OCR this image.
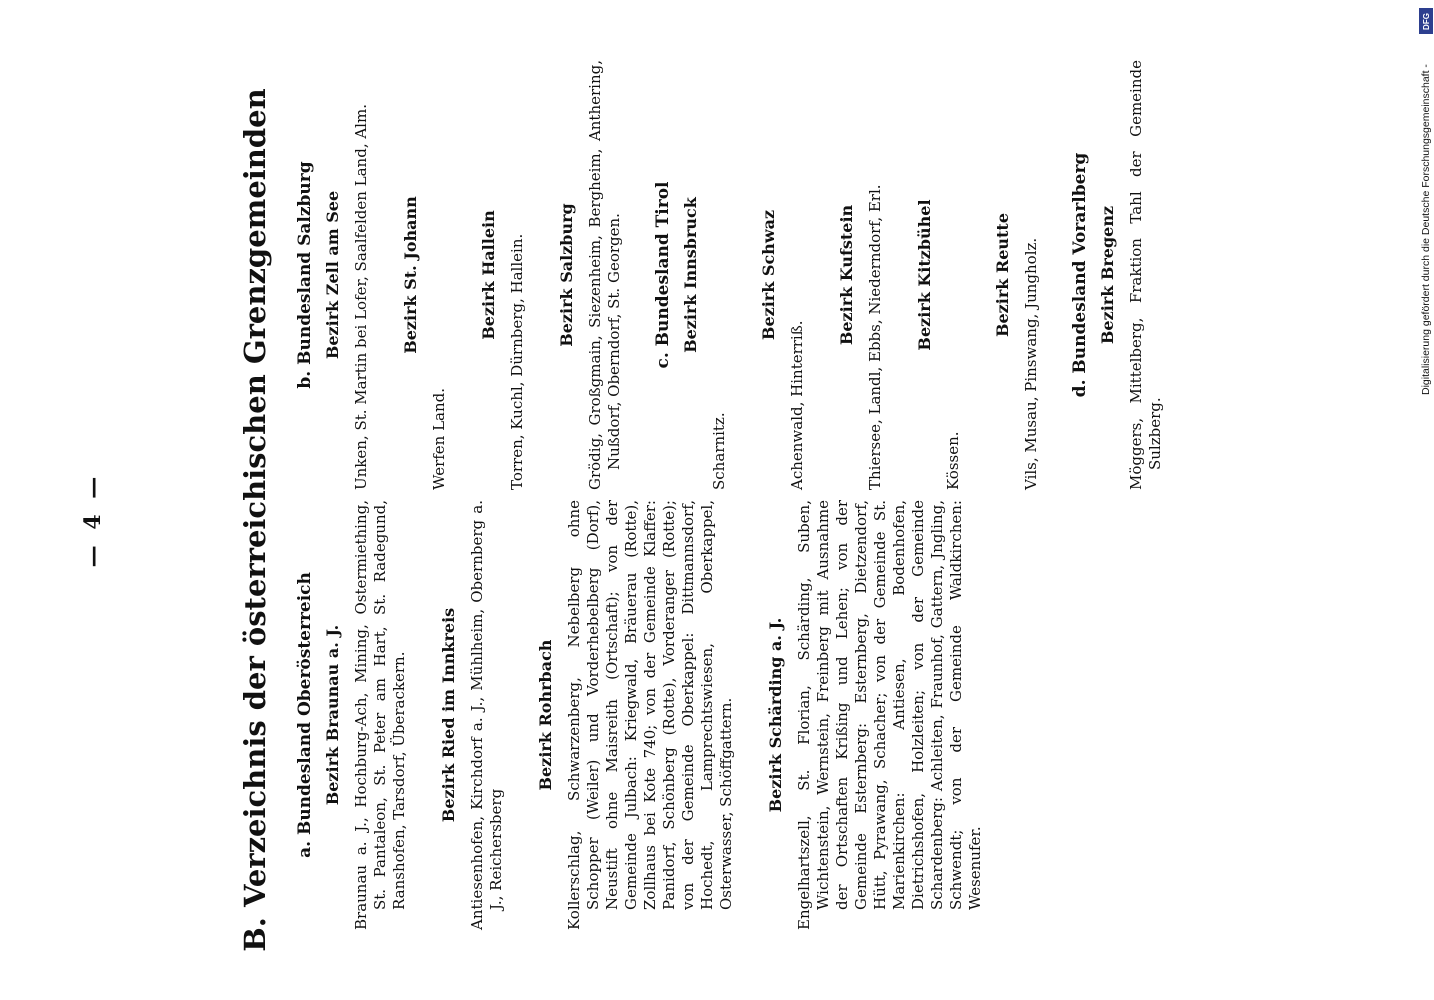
— 4 —	B. Verzeichnis der österreichischen Grenzgemeinden a. Bundesland Oberösterreich Bezirk Braunau a. J. Braunau a. J., Hochburg-Ach, Mining, Ostermiething, St. Pantaleon, St. Peter am Hart, St. Radegund, Ranshofen, Tarsdorf, Überackern. Bezirk Ried im Innkreis Antiesenhofen, Kirchdorf a. J., Mühlheim, Obernberg a. J., Reichersberg
Bezirk Rohrbach Kollerschlag, Schwarzenberg, Nebelberg ohne Schopper (Weiler) und Vorderhebelberg (Dorf), Neustift ohne Maisreith (Ortschaft); von der Gemeinde Julbach: Kriegwald, Bräuerau (Rotte), Zollhaus bei Kote 740; von der Gemeinde Klaffer: Panidorf, Schönberg (Rotte), Vorderanger (Rotte); von der Gemeinde Oberkappel: Dittmannsdorf, Hochedt, Lamprechtswiesen, Oberkappel, Osterwasser, Schöffgattern. Bezirk Schärding a. J. Engelhartszell, St. Florian, Schärding, Suben, Wichtenstein, Wernstein, Freinberg mit Ausnahme der Ortschaften Krißing und Lehen; von der Gemeinde Esternberg: Esternberg, Dietzendorf, Hütt, Pyrawang, Schacher; von der Gemeinde St. Marienkirchen: Antiesen, Bodenhofen, Dietrichshofen, Holzleiten; von der Gemeinde Schardenberg: Achleiten, Fraunhof, Gattern, Jngling, Schwendt; von der Gemeinde Waldkirchen: Wesenufer.
b. Bundesland Salzburg Bezirk Zell am See Unken, St. Martin bei Lofer, Saalfelden Land, Alm. Bezirk St. Johann
Werfen Land.
Bezirk Hallein Torren, Kuchl, Dürnberg, Hallein. Bezirk Salzburg Grödig, Großgmain, Siezenheim, Bergheim, Anthering, Nußdorf, Oberndorf, St. Georgen. c. Bundesland Tirol Bezirk Innsbruck
Scharnitz.
Bezirk Schwaz
Achenwald, Hinterriß.
Bezirk Kufstein Thiersee, Landl, Ebbs, Niederndorf, Erl. Bezirk Kitzbühel
Kössen.
Bezirk Reutte Vils, Musau, Pinswang, Jungholz. d. Bundesland Vorarlberg Bezirk Bregenz Möggers, Mittelberg, Fraktion Tahl der Gemeinde Sulzberg.
DFG
Digitalisierung gefördert durch die Deutsche Forschungsgemeinschaft -
